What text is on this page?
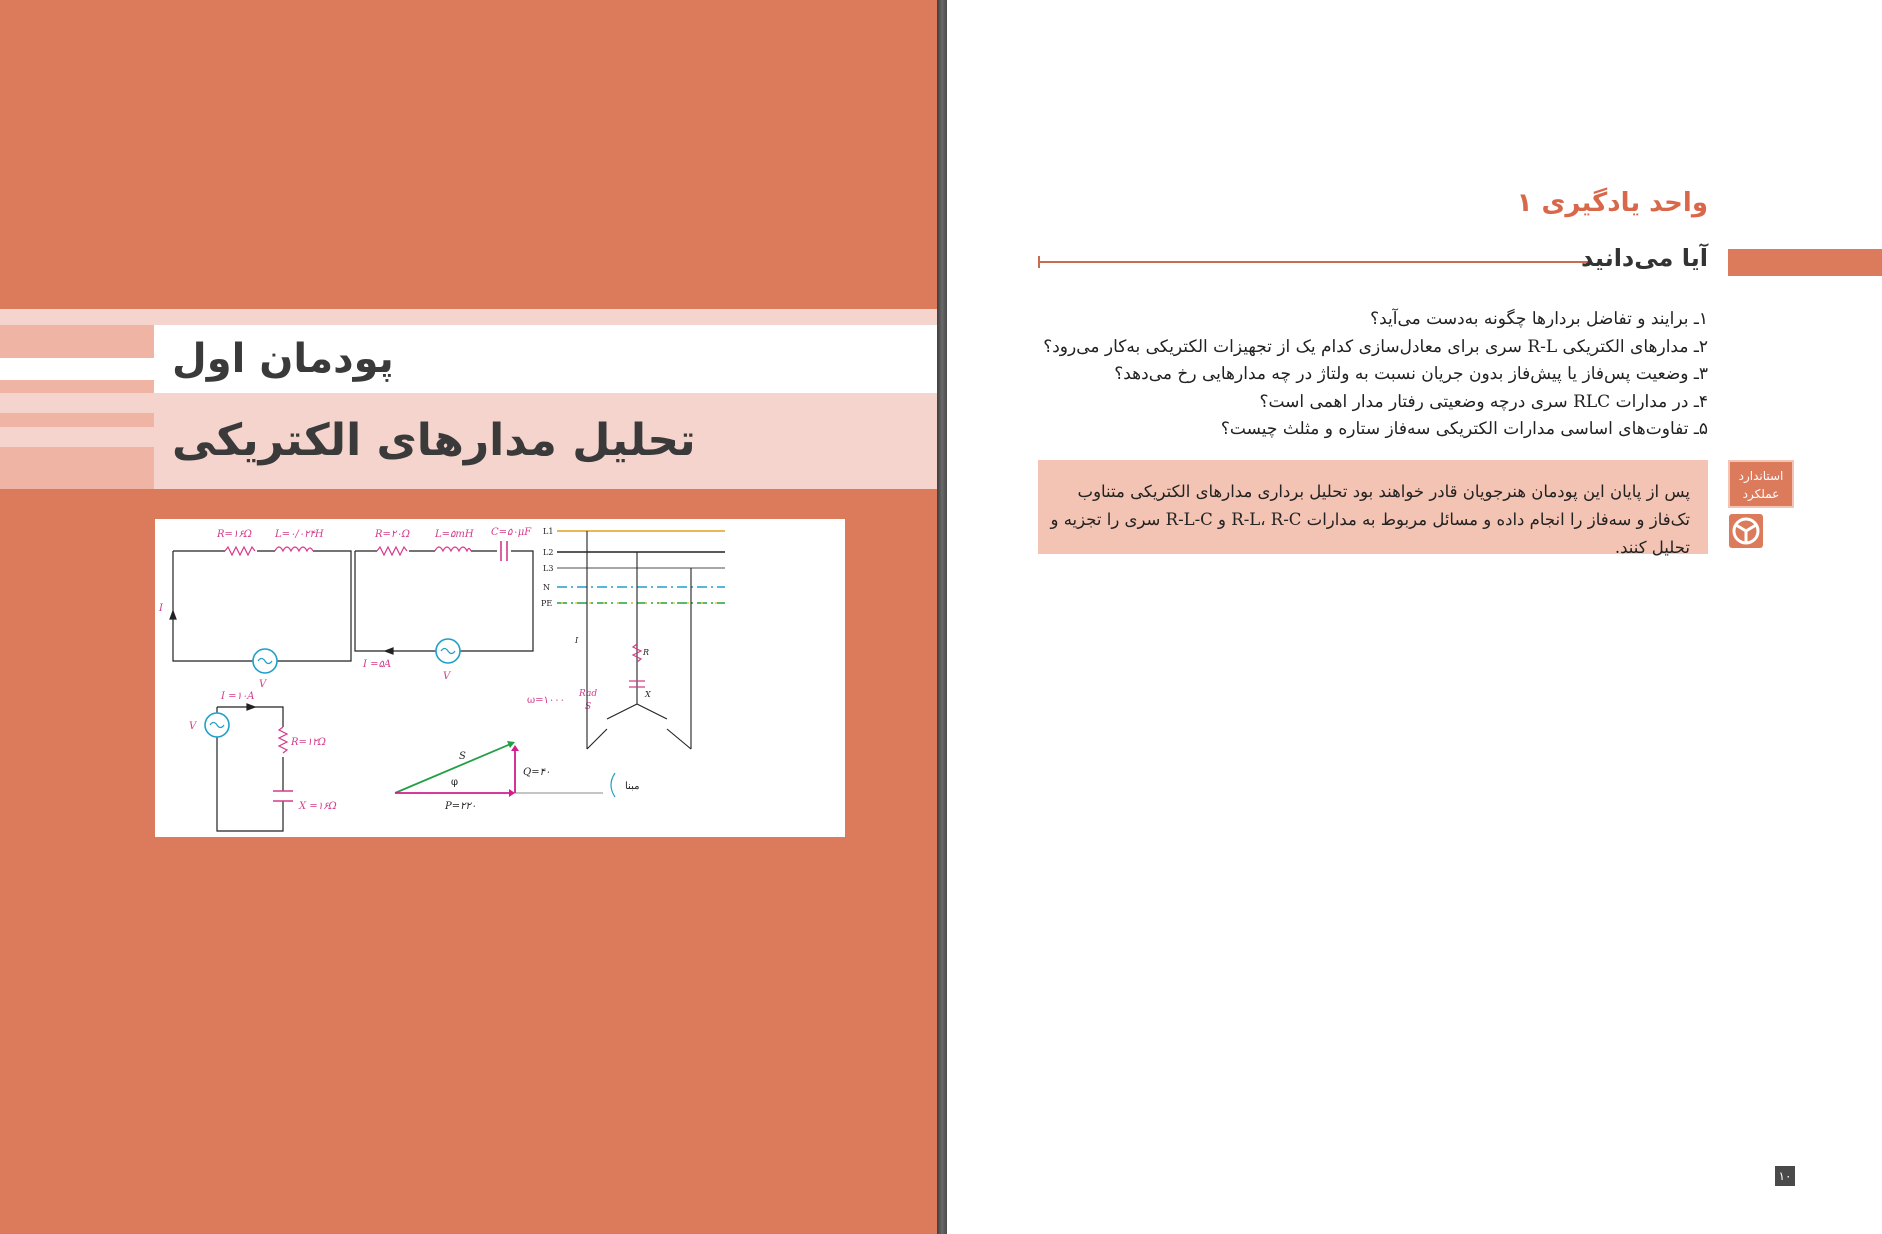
پودمان اول
تحلیل مدارهای الکتریکی
R=۱۶Ω L=۰/۰۲۴H
I
V
R=۲۰Ω	L=۵mH C=۵۰μF
I =۵A
V
I =۱۰A
R=۱۲Ω
X =۱۶Ω
V
S
Q=۴۰
P=۲۲۰
φ	مبنا
ω=۱۰۰۰
Rad
S
L1
L2
L3
N
PE
R
X
I
واحد یادگیری ۱
آیا می‌دانید
۱ـ برایند و تفاضل بردارها چگونه به‌دست می‌آید؟
۲ـ مدارهای الکتریکی R-L سری برای معادل‌سازی کدام یک از تجهیزات الکتریکی به‌کار می‌رود؟
۳ـ وضعیت پس‌فاز یا پیش‌فاز بدون جریان نسبت به ولتاژ در چه مدارهایی رخ می‌دهد؟
۴ـ در مدارات RLC سری درچه وضعیتی رفتار مدار اهمی است؟
۵ـ تفاوت‌های اساسی مدارات الکتریکی سه‌فاز ستاره و مثلث چیست؟
پس از پایان این پودمان هنرجویان قادر خواهند بود تحلیل برداری مدارهای الکتریکی متناوب تک‌فاز و سه‌فاز را انجام داده و مسائل مربوط به مدارات R-L، R-C و R-L-C سری را تجزیه و تحلیل کنند.
استاندارد
عملکرد
۱۰
